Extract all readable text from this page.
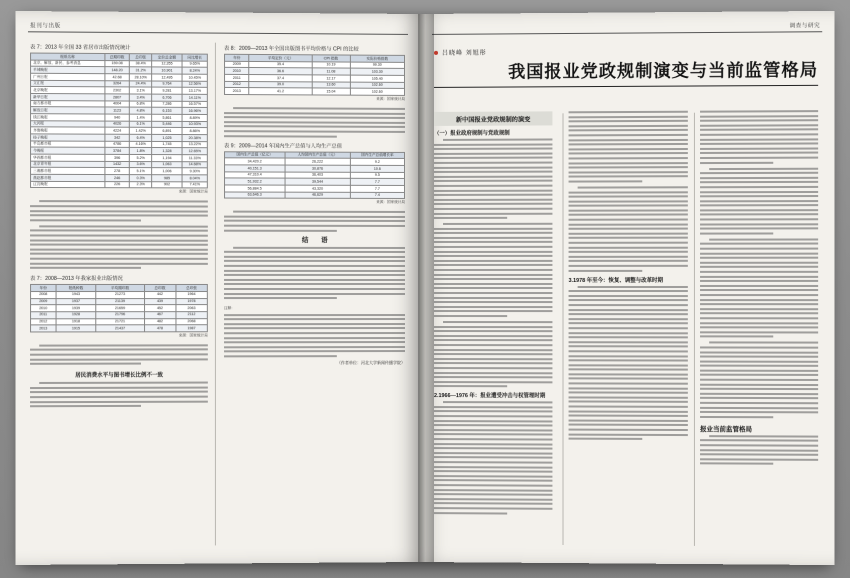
报刊与出版
表 7：2013 年全国 33 省居市出版情况统计
报纸名称	总期印数	总印张	定价总金额	同比增长
北京、解放、新民、参考消息	159.08	38.4%	12,355	9.65%
羊城晚报	148.20	31.2%	10,901	8.24%
广州日报	42.68	28.10%	12,495	10.45%
文汇报	3264	24.4%	9,764	12.56%
北京晚报	2302	3.1%	9,281	13.17%
新华日报	2807	3.4%	6,706	14.11%
南方都市报	4004	6.8%	7,286	16.57%
解放日报	1123	4.8%	6,153	16.96%
钱江晚报	940	1.4%	5,861	8.89%
大河报	4026	6.1%	5,446	10.93%
齐鲁晚报	4224	1.42%	6,891	8.86%
扬子晚报	342	6.4%	1,025	20.38%
半岛都市报	4786	4.16%	1,745	13.22%
今晚报	3784	1.8%	1,328	12.65%
华西都市报	396	5.2%	1,194	11.33%
北京青年报	1432	3.6%	1,063	14.68%
三湘都市报	278	5.1%	1,006	9.30%
燕赵都市报	246	0.3%	985	8.04%
辽沈晚报	226	2.3%	902	7.41%
来源：国家统计局
表 7：2008—2013 年我家报业出版情况
年份	报纸种数	平均期印数	总印数	总印张
2008	1943	21273	442	1964
2009	1937	21139	439	1978
2010	1939	21659	452	2063
2011	1928	21796	467	2112
2012	1918	21721	482	2068
2013	1915	21437	478	1987
来源：国家统计局
居民消费水平与图书增长比例不一致
表 8：2009—2013 年全国出版图书平均价格与 CPI 的比较
年份	平均定价（元）	CPI 指数	实际价格指数
2009	35.4	10.19	99.30
2010	36.6	11.08	103.30
2011	37.4	12.17	105.40
2012	39.0	13.60	102.60
2013	41.2	15.04	102.60
来源：国家统计局
表 9：2009—2014 年国内生产总值与人均生产总值
国内生产总值（亿元）	人均国内生产总值（元）	国内生产总值增长率
34,420.2	26,222	9.2
40,151.3	30,876	10.6
47,310.4	36,403	9.5
51,932.2	39,544	7.7
56,884.5	43,320	7.7
63,646.3	46,629	7.4
来源：国家统计局
结　　语
注释：
（作者单位：河北大学新闻传播学院）
调查与研究
吕晓峰 刘旭彤
我国报业党政规制演变与当前监管格局
新中国报业党政规制的演变
（一）报业政府规制与党政规制
2.1966—1976 年：报业遭受冲击与权管理时期
3.1978 年至今：恢复、调整与改革时期
报业当前监管格局
